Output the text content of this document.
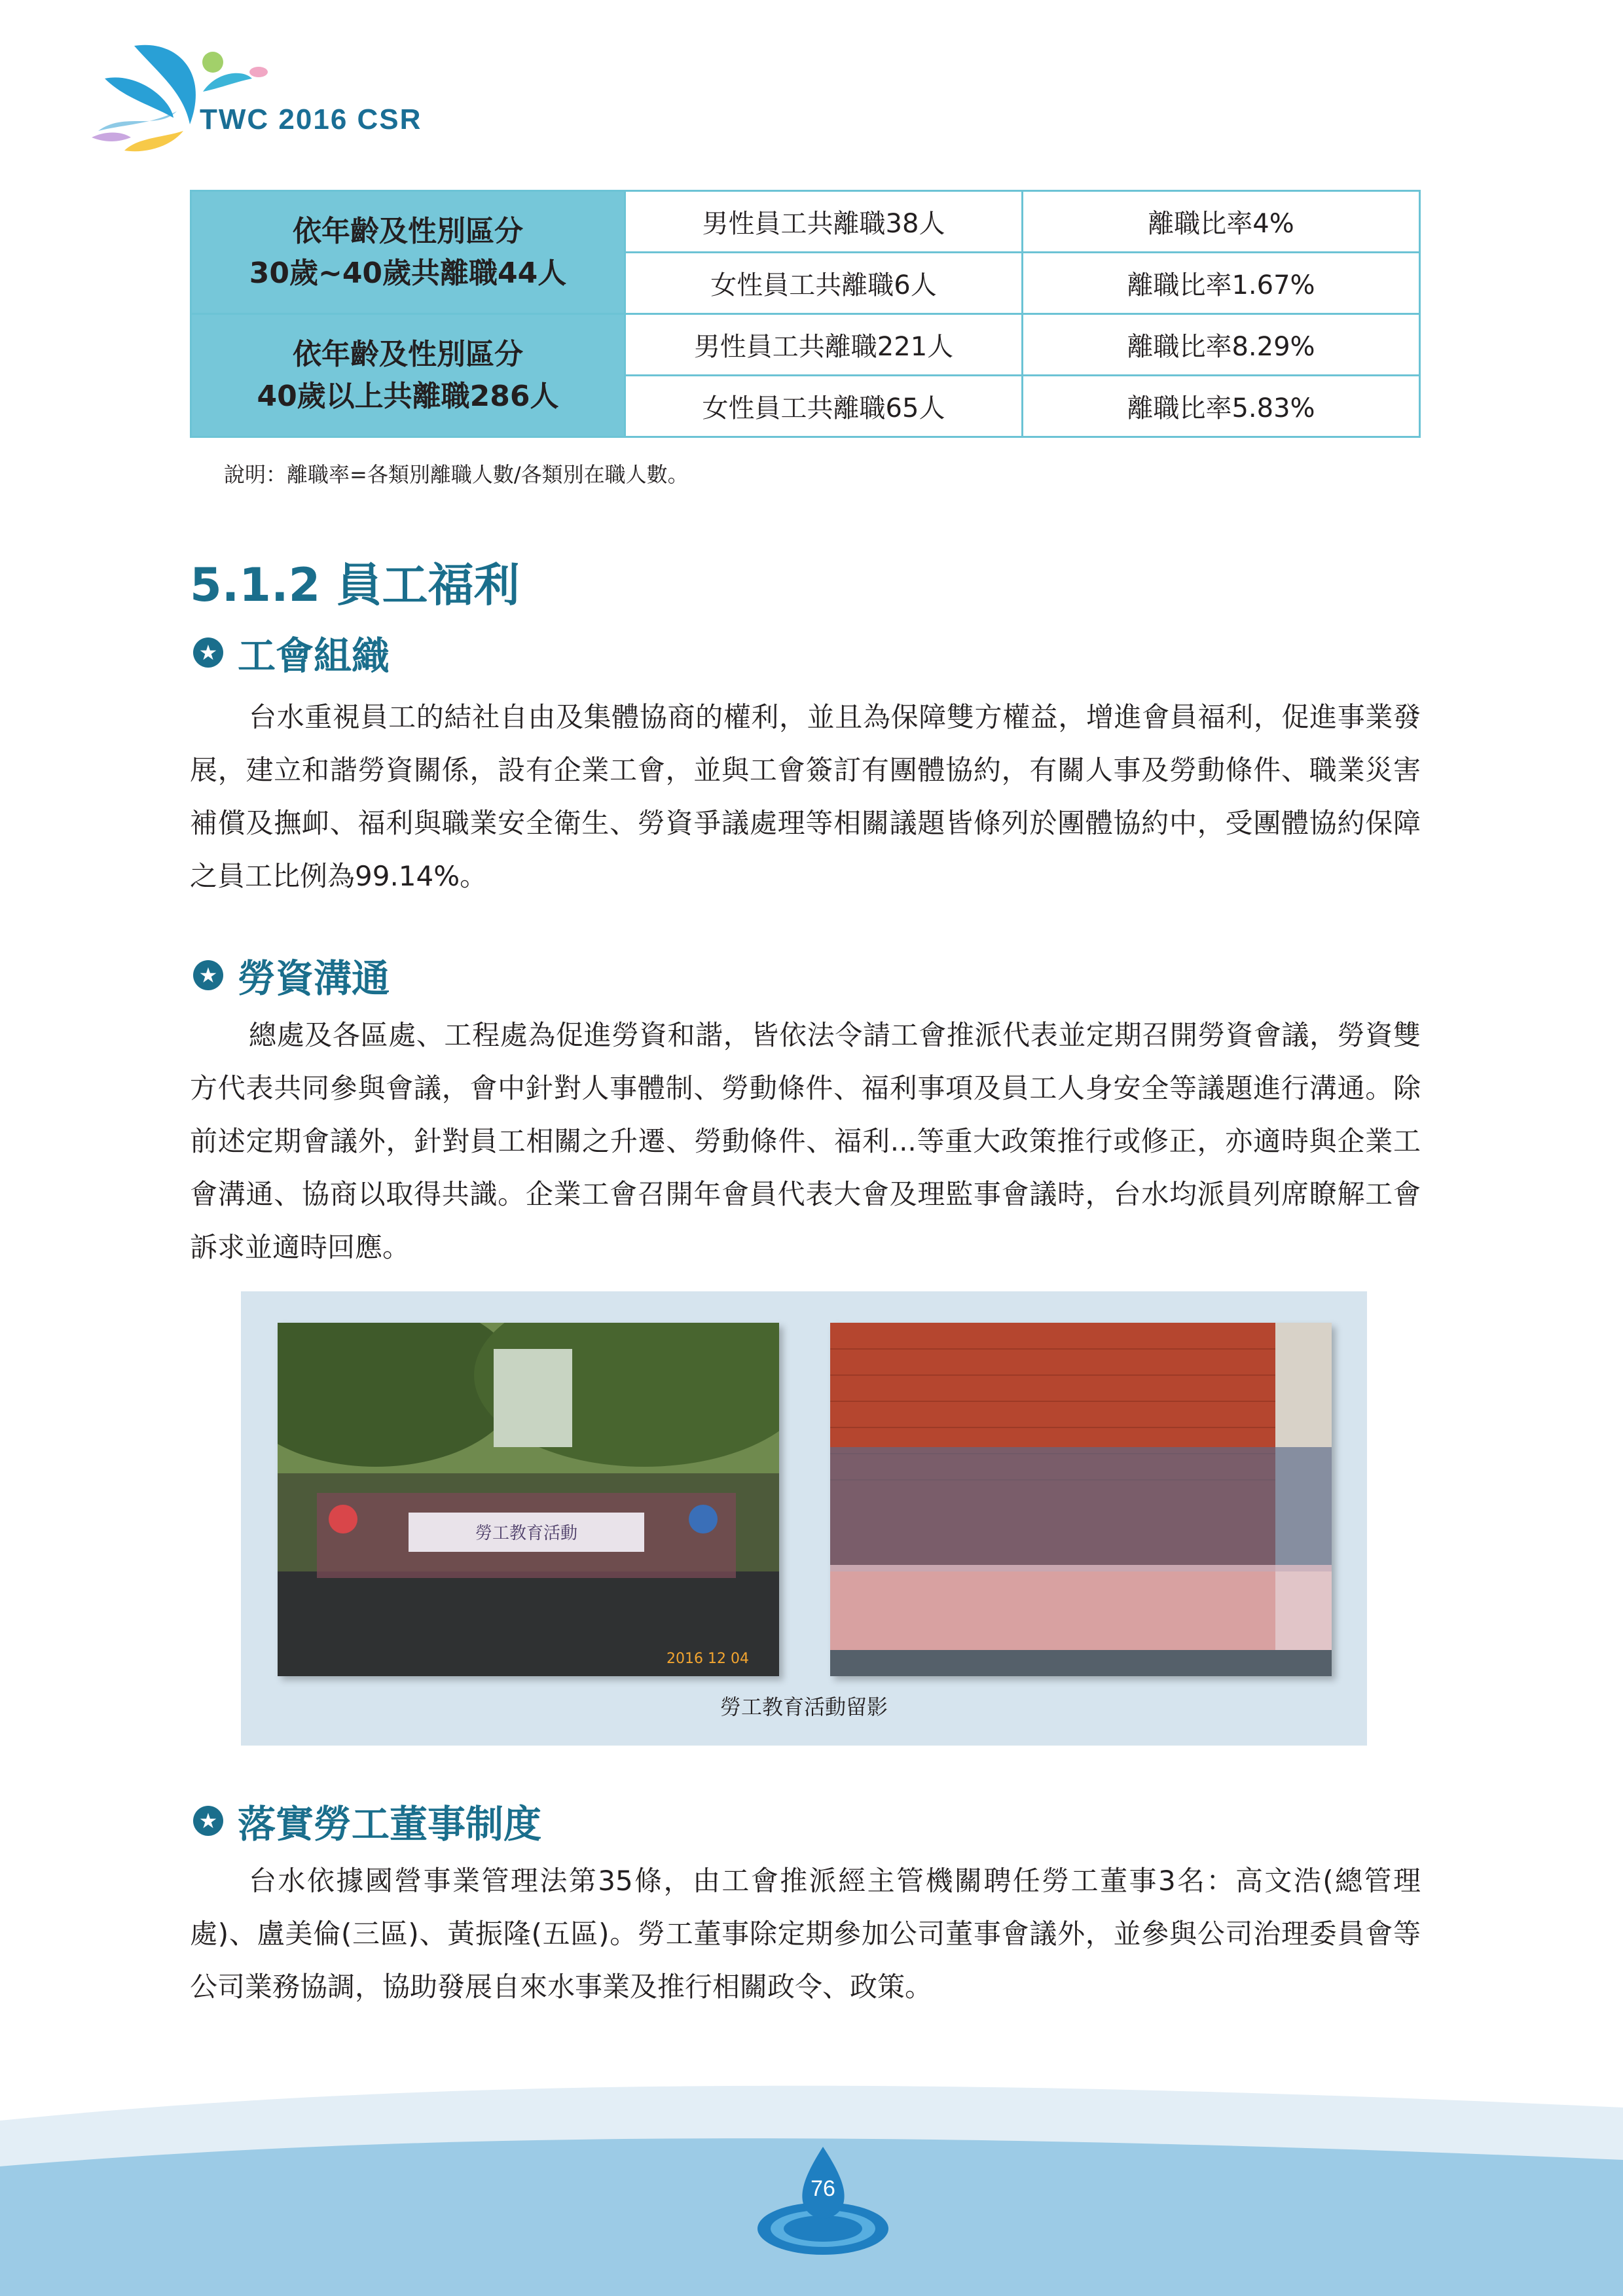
TWC 2016 CSR
依年齡及性別區分
30歲~40歲共離職44人	男性員工共離職38人	離職比率4%
	女性員工共離職6人	離職比率1.67%

依年齡及性別區分
40歲以上共離職286人	男性員工共離職221人	離職比率8.29%
	女性員工共離職65人	離職比率5.83%
說明：離職率=各類別離職人數/各類別在職人數。
5.1.2 員工福利
★ 工會組織
台水重視員工的結社自由及集體協商的權利，並且為保障雙方權益，增進會員福利，促進事業發展，建立和諧勞資關係，設有企業工會，並與工會簽訂有團體協約，有關人事及勞動條件、職業災害補償及撫卹、福利與職業安全衛生、勞資爭議處理等相關議題皆條列於團體協約中，受團體協約保障之員工比例為99.14%。
★ 勞資溝通
總處及各區處、工程處為促進勞資和諧，皆依法令請工會推派代表並定期召開勞資會議，勞資雙方代表共同參與會議，會中針對人事體制、勞動條件、福利事項及員工人身安全等議題進行溝通。除前述定期會議外，針對員工相關之升遷、勞動條件、福利...等重大政策推行或修正，亦適時與企業工會溝通、協商以取得共識。企業工會召開年會員代表大會及理監事會議時，台水均派員列席瞭解工會訴求並適時回應。
勞工教育活動
2016 12 04
勞工教育活動留影
★ 落實勞工董事制度
台水依據國營事業管理法第35條，由工會推派經主管機關聘任勞工董事3名：高文浩(總管理處)、盧美倫(三區)、黃振隆(五區)。勞工董事除定期參加公司董事會議外，並參與公司治理委員會等公司業務協調，協助發展自來水事業及推行相關政令、政策。
76
